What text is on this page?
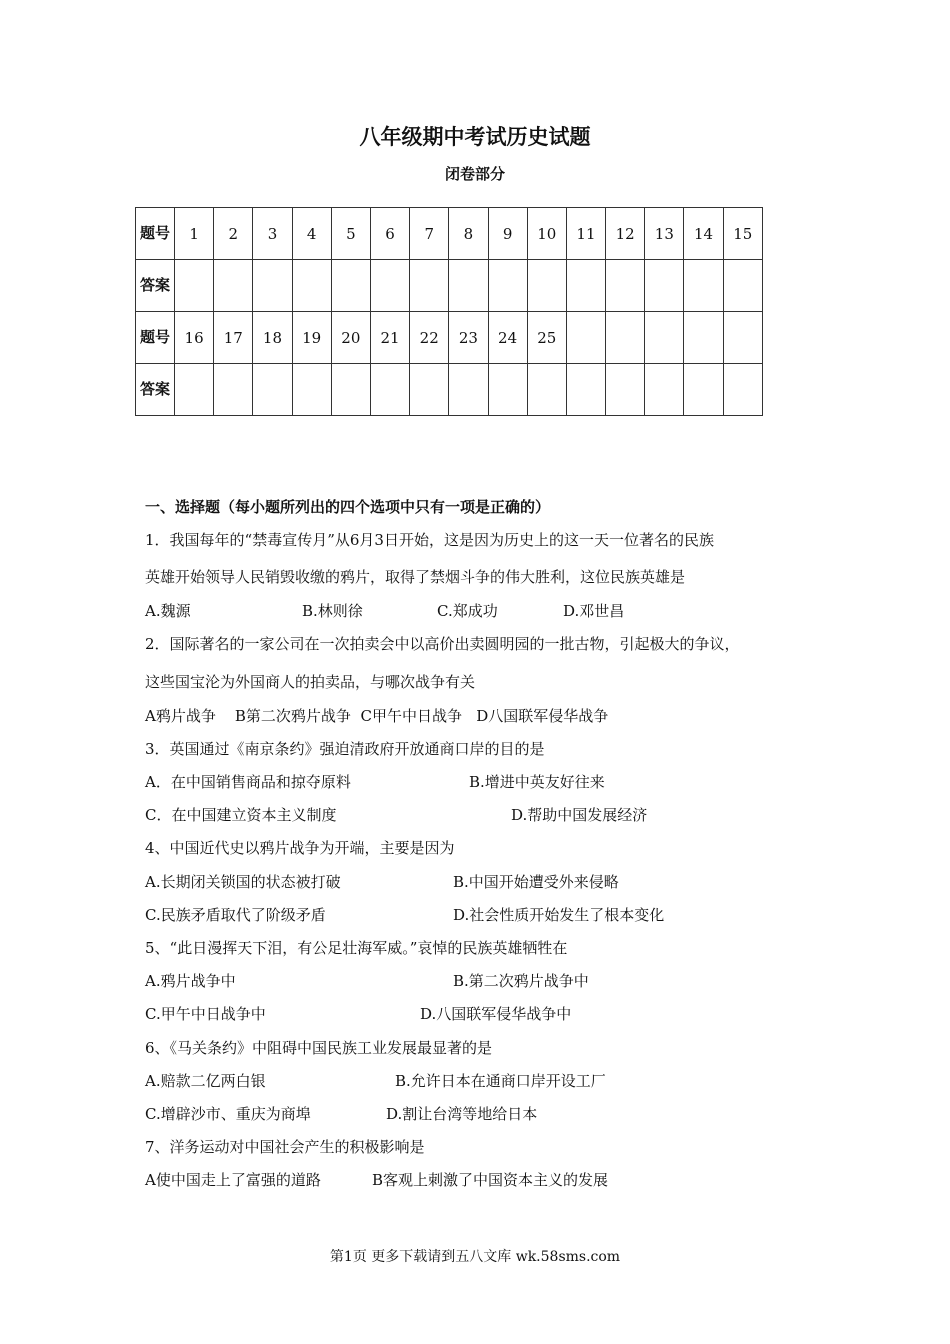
八年级期中考试历史试题
闭卷部分
题号	1	2	3	4	5	6	7	8	9	10	11	12	13	14	15
答案															
题号	16	17	18	19	20	21	22	23	24	25					
答案															
一、选择题（每小题所列出的四个选项中只有一项是正确的）
1．我国每年的“禁毒宣传月”从6月3日开始，这是因为历史上的这一天一位著名的民族
英雄开始领导人民销毁收缴的鸦片，取得了禁烟斗争的伟大胜利，这位民族英雄是
A.魏源	B.林则徐	C.郑成功	D.邓世昌
2．国际著名的一家公司在一次拍卖会中以高价出卖圆明园的一批古物，引起极大的争议，
这些国宝沦为外国商人的拍卖品，与哪次战争有关
A鸦片战争    B第二次鸦片战争  C甲午中日战争   D八国联军侵华战争
3．英国通过《南京条约》强迫清政府开放通商口岸的目的是
A．在中国销售商品和掠夺原料	B.增进中英友好往来
C．在中国建立资本主义制度	D.帮助中国发展经济
4、中国近代史以鸦片战争为开端，主要是因为
A.长期闭关锁国的状态被打破	B.中国开始遭受外来侵略
C.民族矛盾取代了阶级矛盾	D.社会性质开始发生了根本变化
5、“此日漫挥天下泪，有公足壮海军威。”哀悼的民族英雄牺牲在
A.鸦片战争中	B.第二次鸦片战争中
C.甲午中日战争中	D.八国联军侵华战争中
6、《马关条约》中阻碍中国民族工业发展最显著的是
A.赔款二亿两白银	B.允许日本在通商口岸开设工厂
C.增辟沙市、重庆为商埠	D.割让台湾等地给日本
7、洋务运动对中国社会产生的积极影响是
A使中国走上了富强的道路	B客观上刺激了中国资本主义的发展
第1页 更多下载请到五八文库 wk.58sms.com
